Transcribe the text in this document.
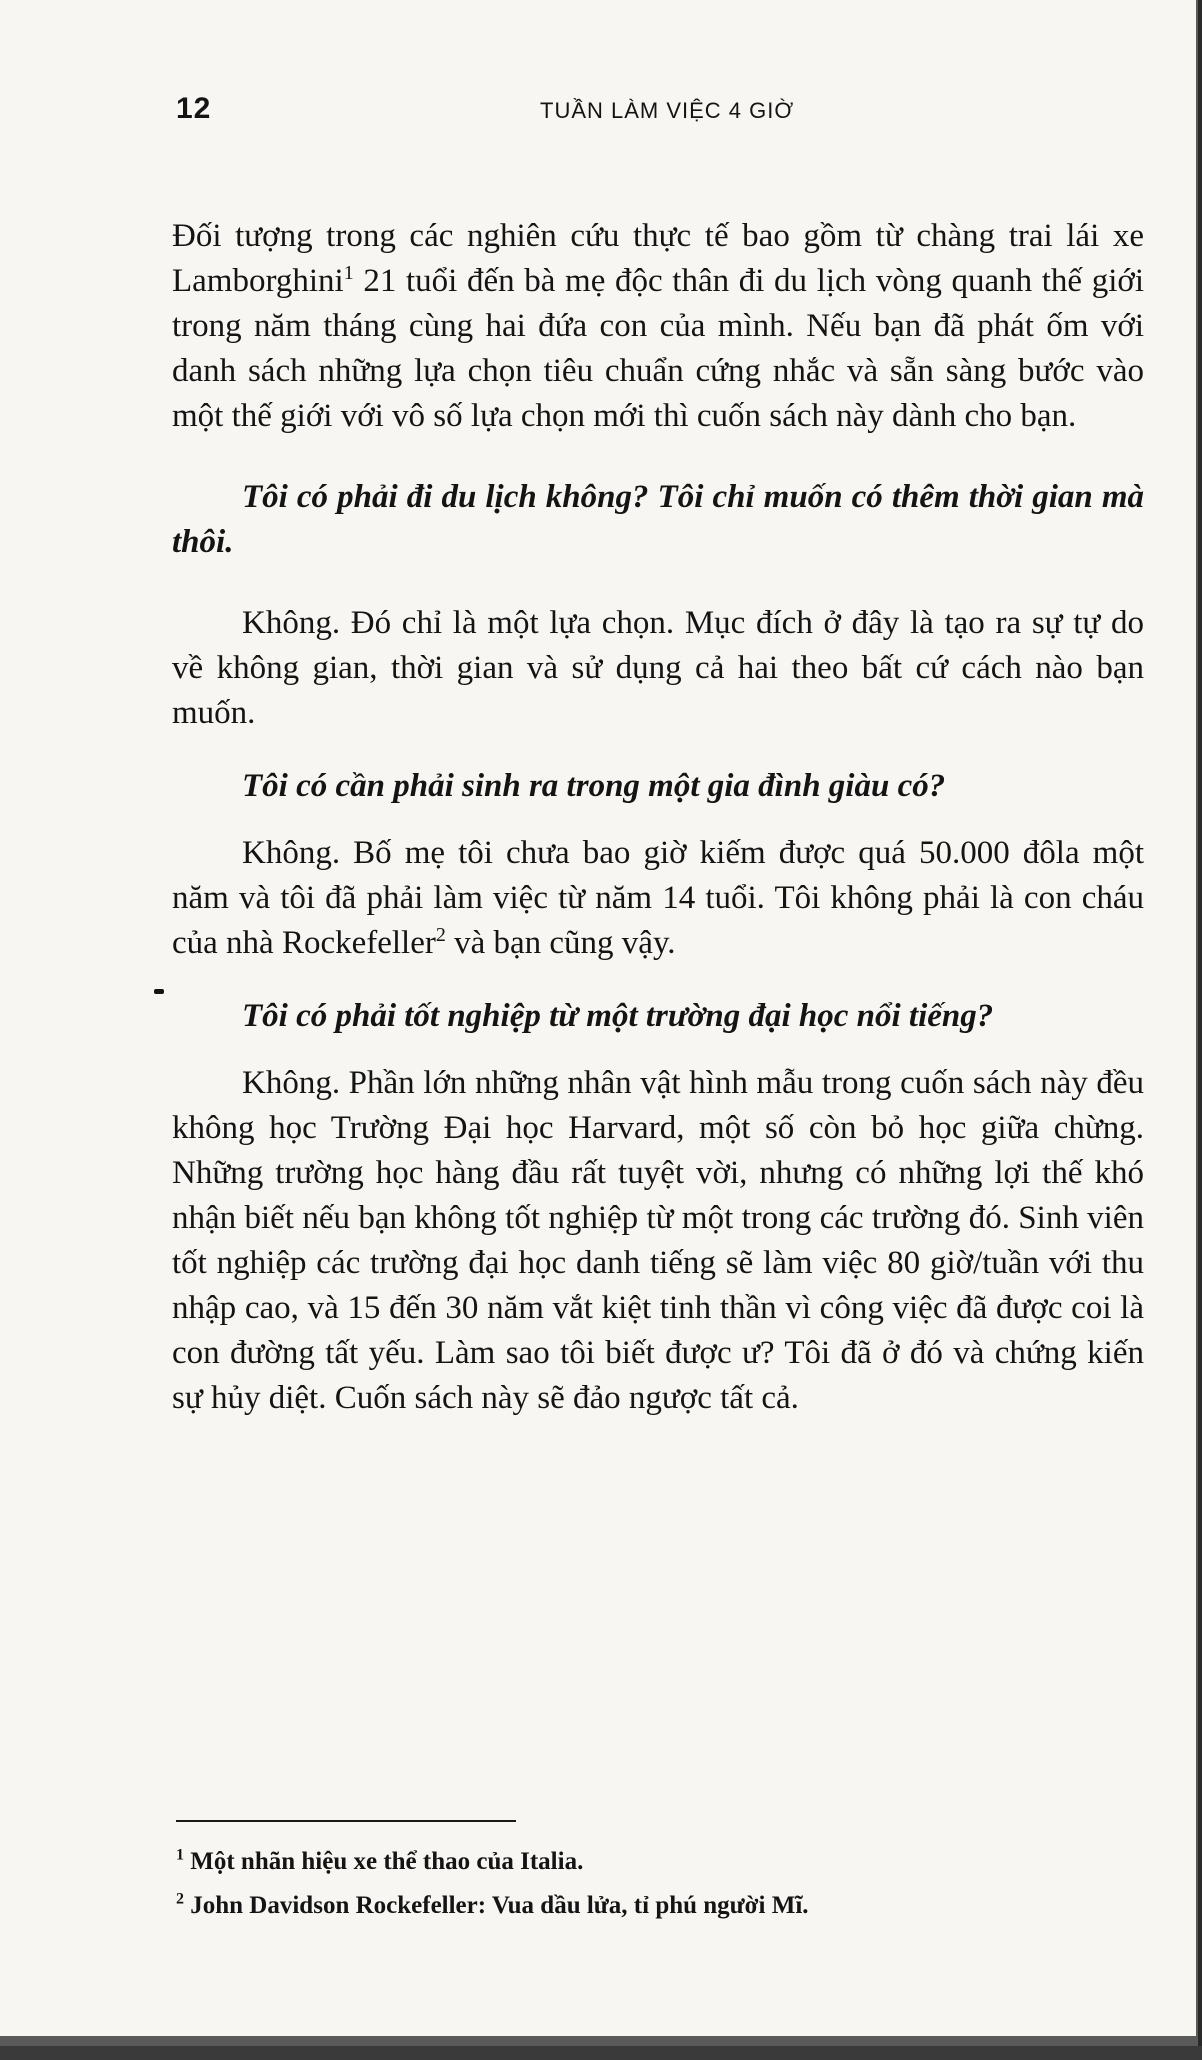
12	TUẦN LÀM VIỆC 4 GIỜ

Đối tượng trong các nghiên cứu thực tế bao gồm từ chàng trai lái xe Lamborghini$^1$ 21 tuổi đến bà mẹ độc thân đi du lịch vòng quanh thế giới trong năm tháng cùng hai đứa con của mình. Nếu bạn đã phát ốm với danh sách những lựa chọn tiêu chuẩn cứng nhắc và sẵn sàng bước vào một thế giới với vô số lựa chọn mới thì cuốn sách này dành cho bạn.

Tôi có phải đi du lịch không? Tôi chỉ muốn có thêm thời gian mà thôi.

Không. Đó chỉ là một lựa chọn. Mục đích ở đây là tạo ra sự tự do về không gian, thời gian và sử dụng cả hai theo bất cứ cách nào bạn muốn.

Tôi có cần phải sinh ra trong một gia đình giàu có?

Không. Bố mẹ tôi chưa bao giờ kiếm được quá 50.000 đôla một năm và tôi đã phải làm việc từ năm 14 tuổi. Tôi không phải là con cháu của nhà Rockefeller$^2$ và bạn cũng vậy.

Tôi có phải tốt nghiệp từ một trường đại học nổi tiếng?

Không. Phần lớn những nhân vật hình mẫu trong cuốn sách này đều không học Trường Đại học Harvard, một số còn bỏ học giữa chừng. Những trường học hàng đầu rất tuyệt vời, nhưng có những lợi thế khó nhận biết nếu bạn không tốt nghiệp từ một trong các trường đó. Sinh viên tốt nghiệp các trường đại học danh tiếng sẽ làm việc 80 giờ/tuần với thu nhập cao, và 15 đến 30 năm vắt kiệt tinh thần vì công việc đã được coi là con đường tất yếu. Làm sao tôi biết được ư? Tôi đã ở đó và chứng kiến sự hủy diệt. Cuốn sách này sẽ đảo ngược tất cả.

$^1$ Một nhãn hiệu xe thể thao của Italia.
$^2$ John Davidson Rockefeller: Vua dầu lửa, tỉ phú người Mĩ.
